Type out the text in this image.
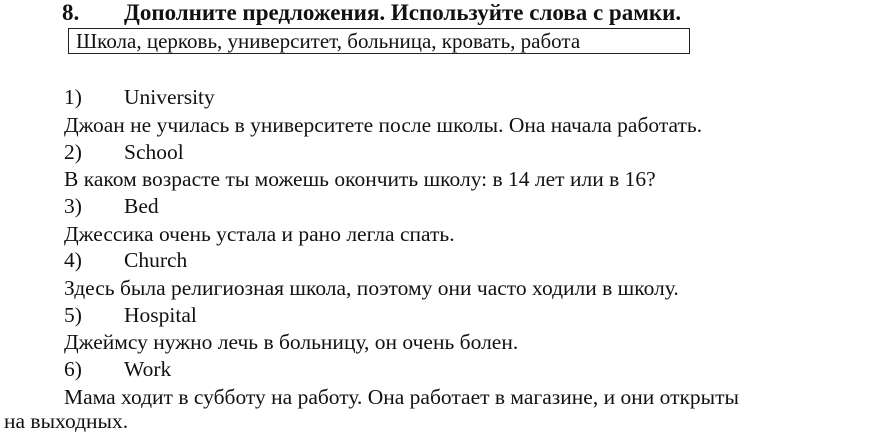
8. Дополните предложения. Используйте слова с рамки.
Школа, церковь, университет, больница, кровать, работа
1) University
Джоан не училась в университете после школы. Она начала работать.
2) School
В каком возрасте ты можешь окончить школу: в 14 лет или в 16?
3) Bed
Джессика очень устала и рано легла спать.
4) Church
Здесь была религиозная школа, поэтому они часто ходили в школу.
5) Hospital
Джеймсу нужно лечь в больницу, он очень болен.
6) Work
Мама ходит в субботу на работу. Она работает в магазине, и они открыты
на выходных.
